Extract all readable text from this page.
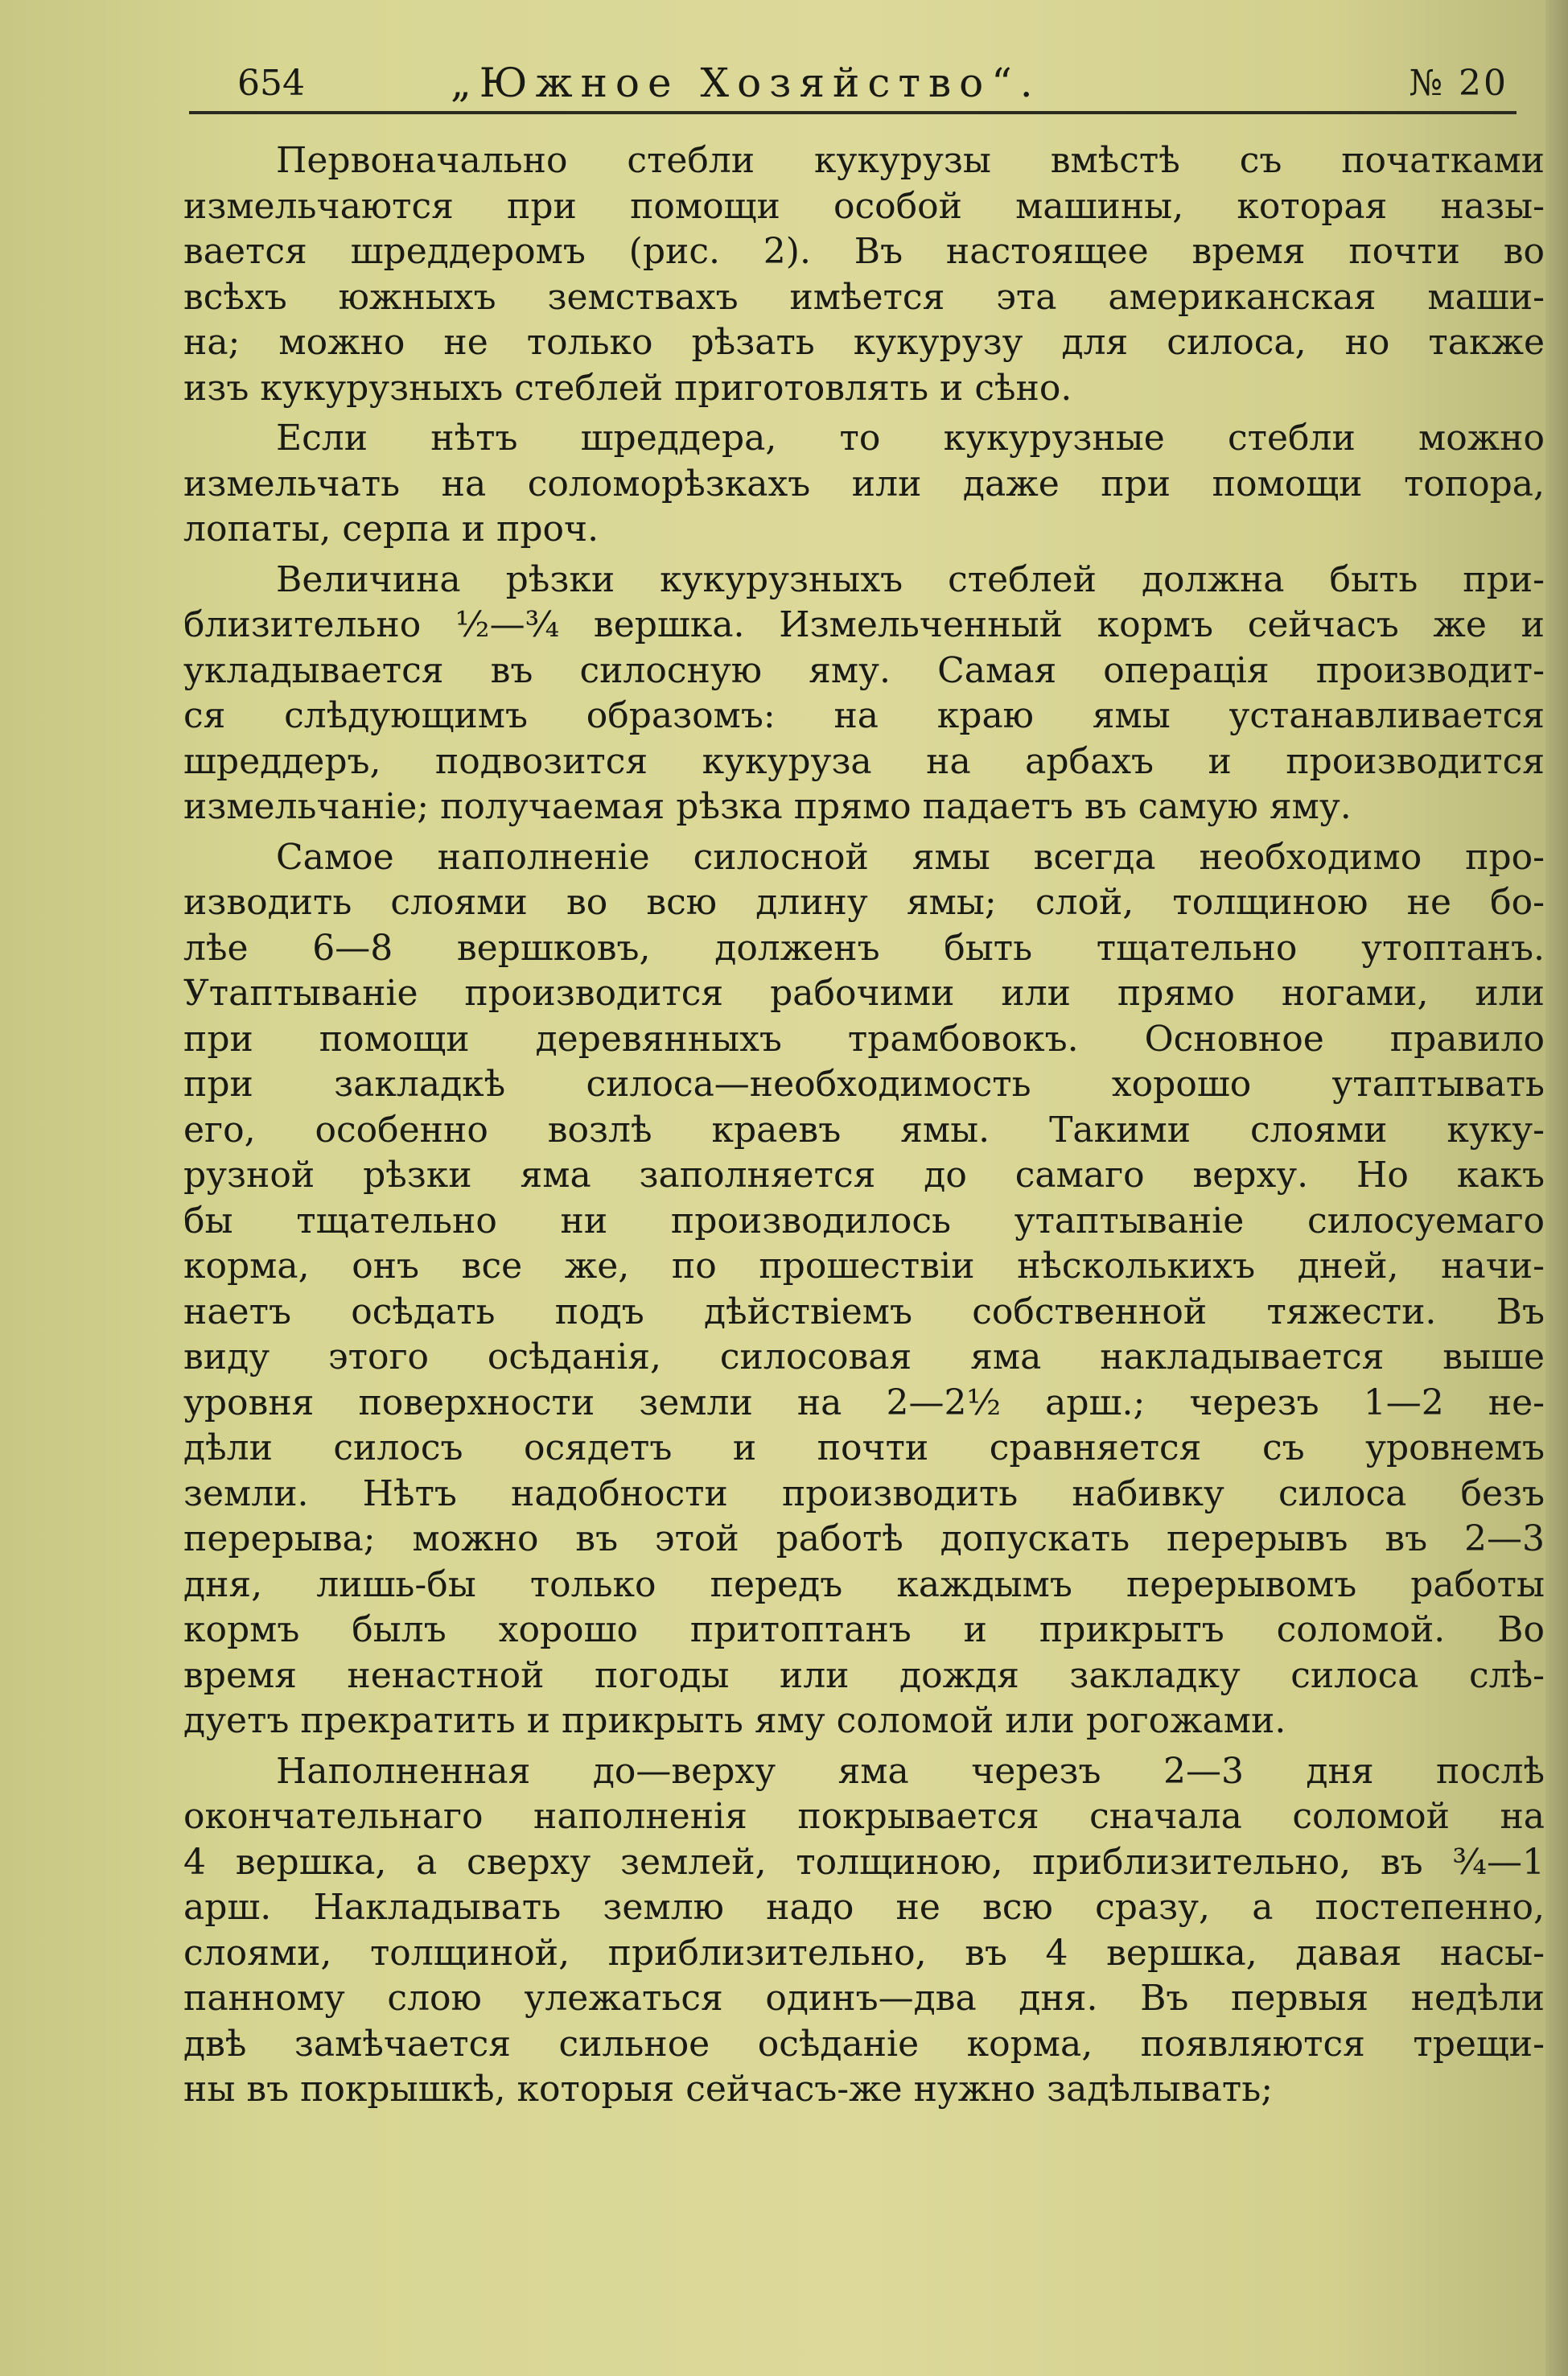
654	„Южное Хозяйство“.	№ 20
Первоначально стебли кукурузы вмѣстѣ съ початками
измельчаются при помощи особой машины, которая назы-
вается шреддеромъ (рис. 2). Въ настоящее время почти во
всѣхъ южныхъ земствахъ имѣется эта американская маши-
на; можно не только рѣзать кукурузу для силоса, но также
изъ кукурузныхъ стеблей приготовлять и сѣно.
Если нѣтъ шреддера, то кукурузные стебли можно
измельчать на соломорѣзкахъ или даже при помощи топора,
лопаты, серпа и проч.
Величина рѣзки кукурузныхъ стеблей должна быть при-
близительно ½—¾ вершка. Измельченный кормъ сейчасъ же и
укладывается въ силосную яму. Самая операція производит-
ся слѣдующимъ образомъ: на краю ямы устанавливается
шреддеръ, подвозится кукуруза на арбахъ и производится
измельчаніе; получаемая рѣзка прямо падаетъ въ самую яму.
Самое наполненіе силосной ямы всегда необходимо про-
изводить слоями во всю длину ямы; слой, толщиною не бо-
лѣе 6—8 вершковъ, долженъ быть тщательно утоптанъ.
Утаптываніе производится рабочими или прямо ногами, или
при помощи деревянныхъ трамбовокъ. Основное правило
при закладкѣ силоса—необходимость хорошо утаптывать
его, особенно возлѣ краевъ ямы. Такими слоями куку-
рузной рѣзки яма заполняется до самаго верху. Но какъ
бы тщательно ни производилось утаптываніе силосуемаго
корма, онъ все же, по прошествіи нѣсколькихъ дней, начи-
наетъ осѣдать подъ дѣйствіемъ собственной тяжести. Въ
виду этого осѣданія, силосовая яма накладывается выше
уровня поверхности земли на 2—2½ арш.; черезъ 1—2 не-
дѣли силосъ осядетъ и почти сравняется съ уровнемъ
земли. Нѣтъ надобности производить набивку силоса безъ
перерыва; можно въ этой работѣ допускать перерывъ въ 2—3
дня, лишь-бы только передъ каждымъ перерывомъ работы
кормъ былъ хорошо притоптанъ и прикрытъ соломой. Во
время ненастной погоды или дождя закладку силоса слѣ-
дуетъ прекратить и прикрыть яму соломой или рогожами.
Наполненная до—верху яма черезъ 2—3 дня послѣ
окончательнаго наполненія покрывается сначала соломой на
4 вершка, а сверху землей, толщиною, приблизительно, въ ¾—1
арш. Накладывать землю надо не всю сразу, а постепенно,
слоями, толщиной, приблизительно, въ 4 вершка, давая насы-
панному слою улежаться одинъ—два дня. Въ первыя недѣли
двѣ замѣчается сильное осѣданіе корма, появляются трещи-
ны въ покрышкѣ, которыя сейчасъ-же нужно задѣлывать;
